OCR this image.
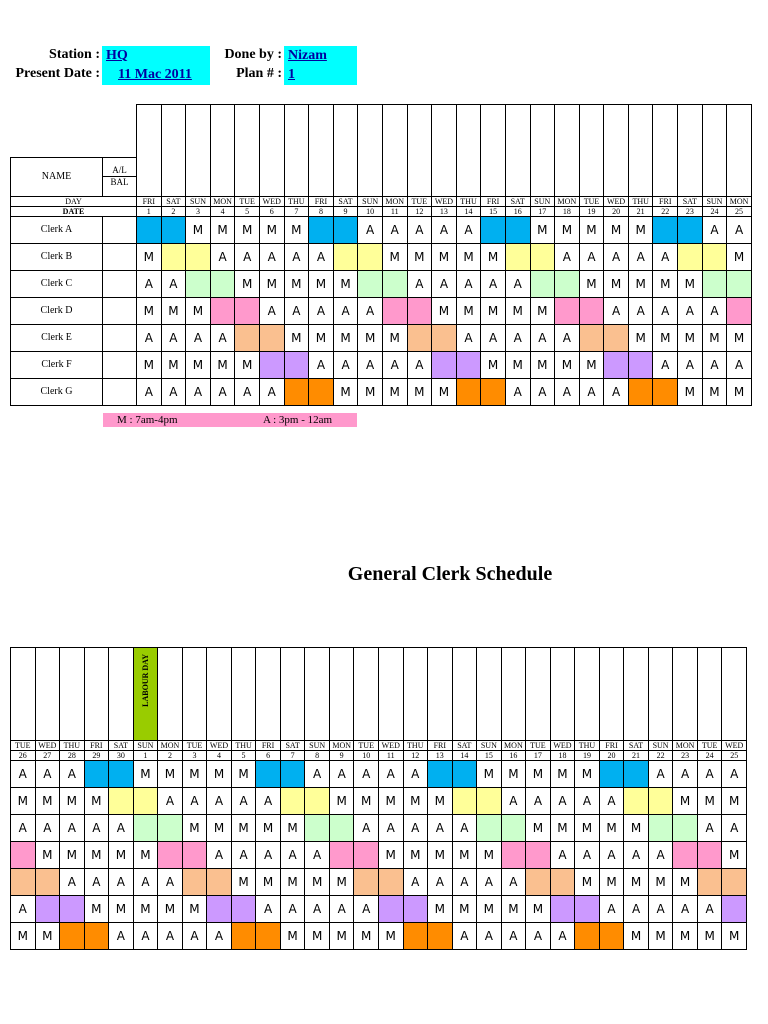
Station : HQ
Present Date :	11 Mac 2011
Done by : Nizam
Plan # : 1

NAME	A/L
BAL																									

DAY		FRI	SAT	SUN	MON	TUE	WED	THU	FRI	SAT	SUN	MON	TUE	WED	THU	FRI	SAT	SUN	MON	TUE	WED	THU	FRI	SAT	SUN	MON
DATE		1	2	3	4	5	6	7	8	9	10	11	12	13	14	15	16	17	18	19	20	21	22	23	24	25
Clerk A				M	M	M	M	M			A	A	A	A	A			M	M	M	M	M			A	A
Clerk B		M			A	A	A	A	A			M	M	M	M	M			A	A	A	A	A			M
Clerk C		A	A			M	M	M	M	M			A	A	A	A	A			M	M	M	M	M		
Clerk D		M	M	M			A	A	A	A	A			M	M	M	M	M			A	A	A	A	A	
Clerk E		A	A	A	A			M	M	M	M	M			A	A	A	A	A			M	M	M	M	M
Clerk F		M	M	M	M	M			A	A	A	A	A			M	M	M	M	M			A	A	A	A
Clerk G		A	A	A	A	A	A			M	M	M	M	M			A	A	A	A	A			M	M	M
M : 7am-4pm	A : 3pm - 12am
General Clerk Schedule

					LABOUR DAY																								

TUE	WED	THU	FRI	SAT	SUN	MON	TUE	WED	THU	FRI	SAT	SUN	MON	TUE	WED	THU	FRI	SAT	SUN	MON	TUE	WED	THU	FRI	SAT	SUN	MON	TUE	WED
26	27	28	29	30	1	2	3	4	5	6	7	8	9	10	11	12	13	14	15	16	17	18	19	20	21	22	23	24	25
A	A	A			M	M	M	M	M			A	A	A	A	A			M	M	M	M	M			A	A	A	A
M	M	M	M			A	A	A	A	A			M	M	M	M	M			A	A	A	A	A			M	M	M
A	A	A	A	A			M	M	M	M	M			A	A	A	A	A			M	M	M	M	M			A	A
	M	M	M	M	M			A	A	A	A	A			M	M	M	M	M			A	A	A	A	A			M
		A	A	A	A	A			M	M	M	M	M			A	A	A	A	A			M	M	M	M	M		
A			M	M	M	M	M			A	A	A	A	A			M	M	M	M	M			A	A	A	A	A	
M	M			A	A	A	A	A			M	M	M	M	M			A	A	A	A	A			M	M	M	M	M
